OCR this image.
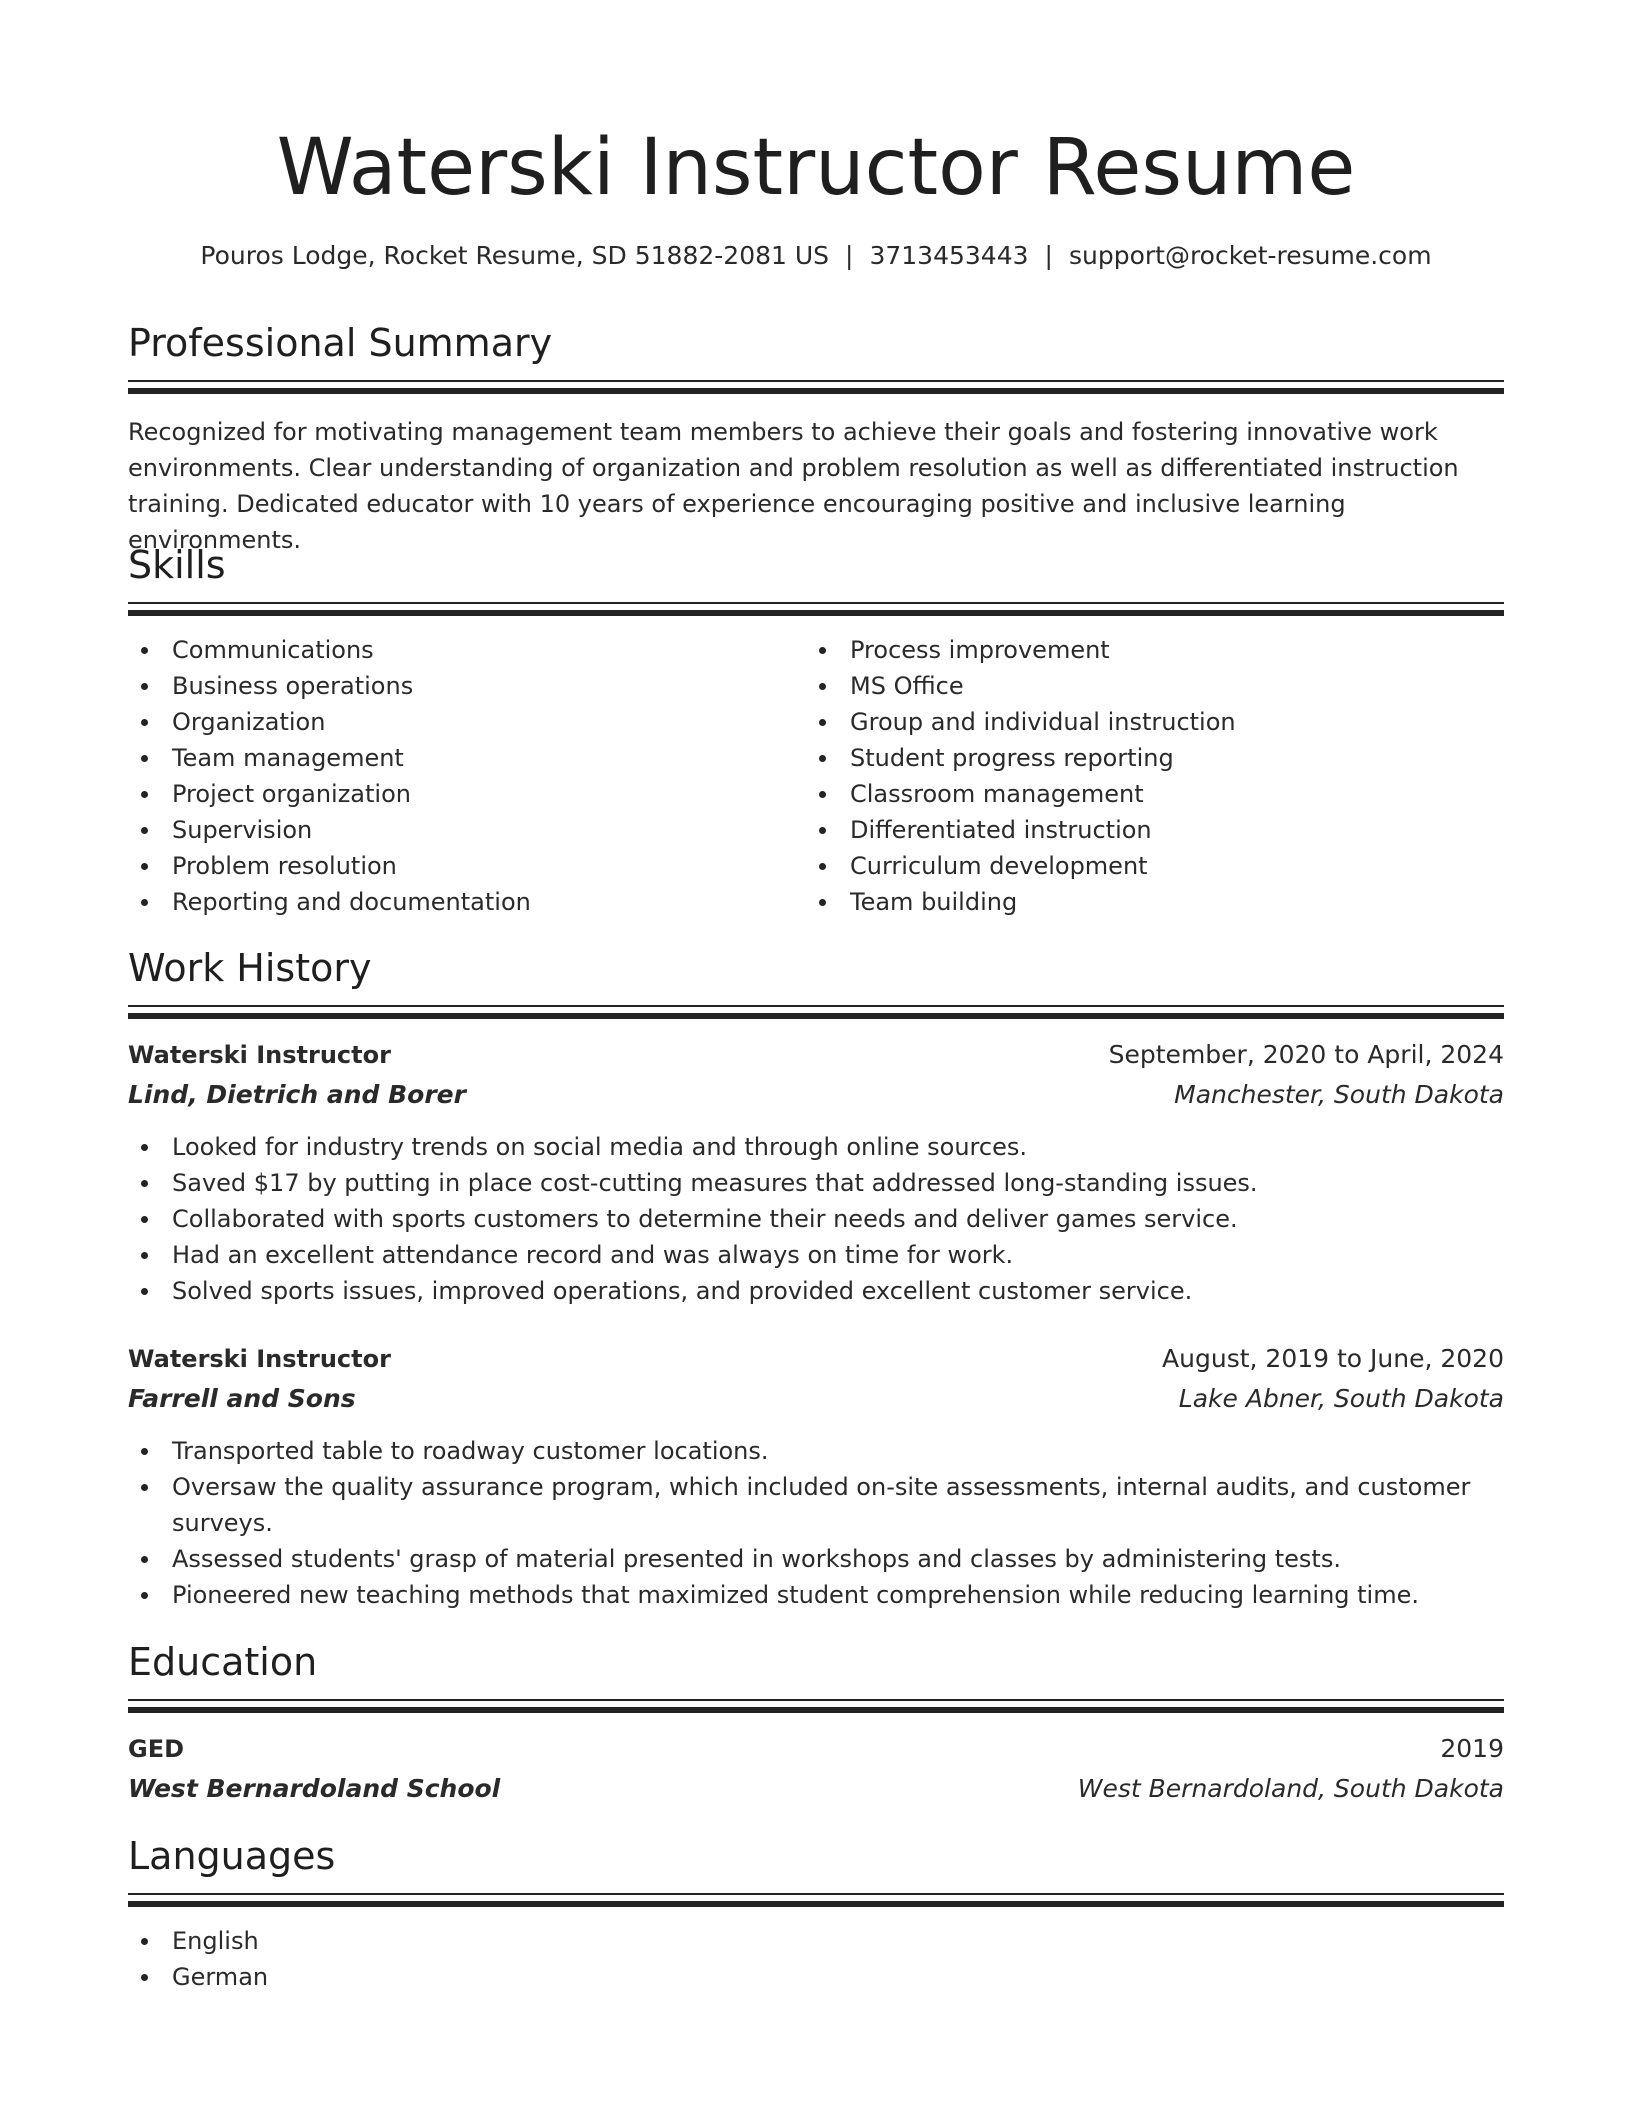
Waterski Instructor Resume
Pouros Lodge, Rocket Resume, SD 51882-2081 US | 3713453443 | support@rocket-resume.com
Professional Summary
Recognized for motivating management team members to achieve their goals and fostering innovative work environments. Clear understanding of organization and problem resolution as well as differentiated instruction training. Dedicated educator with 10 years of experience encouraging positive and inclusive learning environments.
Skills
Communications
Business operations
Organization
Team management
Project organization
Supervision
Problem resolution
Reporting and documentation
Process improvement
MS Office
Group and individual instruction
Student progress reporting
Classroom management
Differentiated instruction
Curriculum development
Team building
Work History
Waterski Instructor	September, 2020 to April, 2024
Lind, Dietrich and Borer	Manchester, South Dakota
Looked for industry trends on social media and through online sources.
Saved $17 by putting in place cost-cutting measures that addressed long-standing issues.
Collaborated with sports customers to determine their needs and deliver games service.
Had an excellent attendance record and was always on time for work.
Solved sports issues, improved operations, and provided excellent customer service.
Waterski Instructor	August, 2019 to June, 2020
Farrell and Sons	Lake Abner, South Dakota
Transported table to roadway customer locations.
Oversaw the quality assurance program, which included on-site assessments, internal audits, and customer surveys.
Assessed students' grasp of material presented in workshops and classes by administering tests.
Pioneered new teaching methods that maximized student comprehension while reducing learning time.
Education
GED	2019
West Bernardoland School	West Bernardoland, South Dakota
Languages
English
German
